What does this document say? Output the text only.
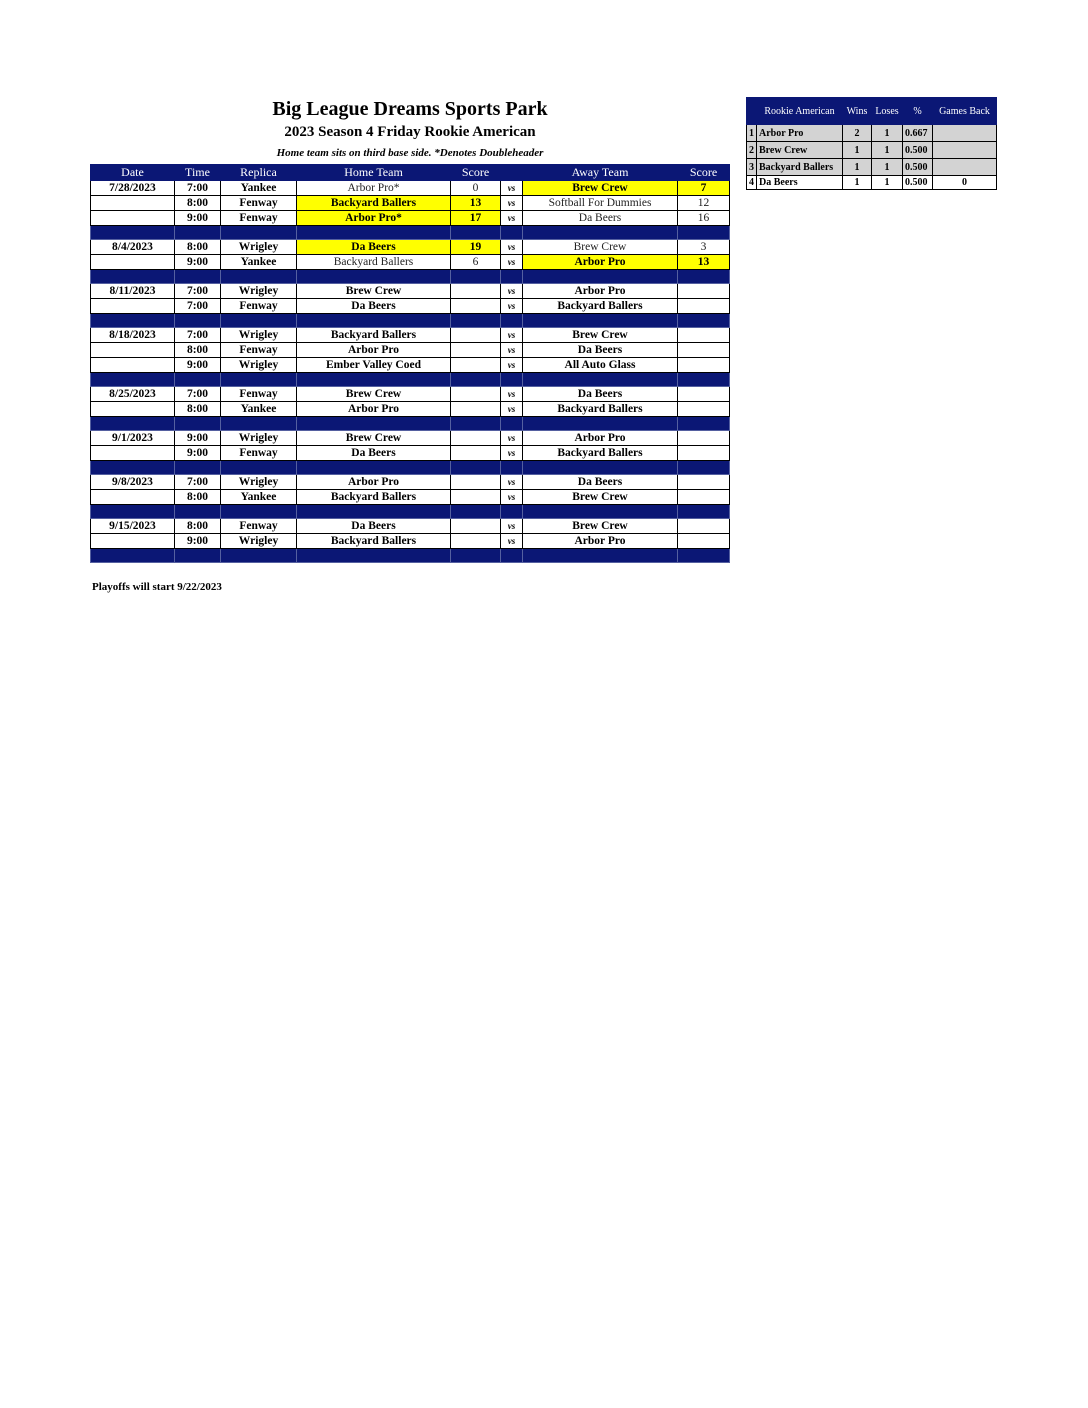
Big League Dreams Sports Park
2023 Season 4 Friday Rookie American
Home team sits on third base side. *Denotes Doubleheader
Date	Time	Replica	Home Team	Score		Away Team	Score
7/28/2023	7:00	Yankee	Arbor Pro*	0	vs	Brew Crew	7
	8:00	Fenway	Backyard Ballers	13	vs	Softball For Dummies	12
	9:00	Fenway	Arbor Pro*	17	vs	Da Beers	16

8/4/2023	8:00	Wrigley	Da Beers	19	vs	Brew Crew	3
	9:00	Yankee	Backyard Ballers	6	vs	Arbor Pro	13

8/11/2023	7:00	Wrigley	Brew Crew		vs	Arbor Pro	
	7:00	Fenway	Da Beers		vs	Backyard Ballers	

8/18/2023	7:00	Wrigley	Backyard Ballers		vs	Brew Crew	
	8:00	Fenway	Arbor Pro		vs	Da Beers	
	9:00	Wrigley	Ember Valley Coed		vs	All Auto Glass	

8/25/2023	7:00	Fenway	Brew Crew		vs	Da Beers	
	8:00	Yankee	Arbor Pro		vs	Backyard Ballers	

9/1/2023	9:00	Wrigley	Brew Crew		vs	Arbor Pro	
	9:00	Fenway	Da Beers		vs	Backyard Ballers	

9/8/2023	7:00	Wrigley	Arbor Pro		vs	Da Beers	
	8:00	Yankee	Backyard Ballers		vs	Brew Crew	

9/15/2023	8:00	Fenway	Da Beers		vs	Brew Crew	
	9:00	Wrigley	Backyard Ballers		vs	Arbor Pro	

Playoffs will start 9/22/2023
	Rookie American	Wins	Loses	%	Games Back
1	Arbor Pro	2	1	0.667	
2	Brew Crew	1	1	0.500	
3	Backyard Ballers	1	1	0.500	
4	Da Beers	1	1	0.500	0
